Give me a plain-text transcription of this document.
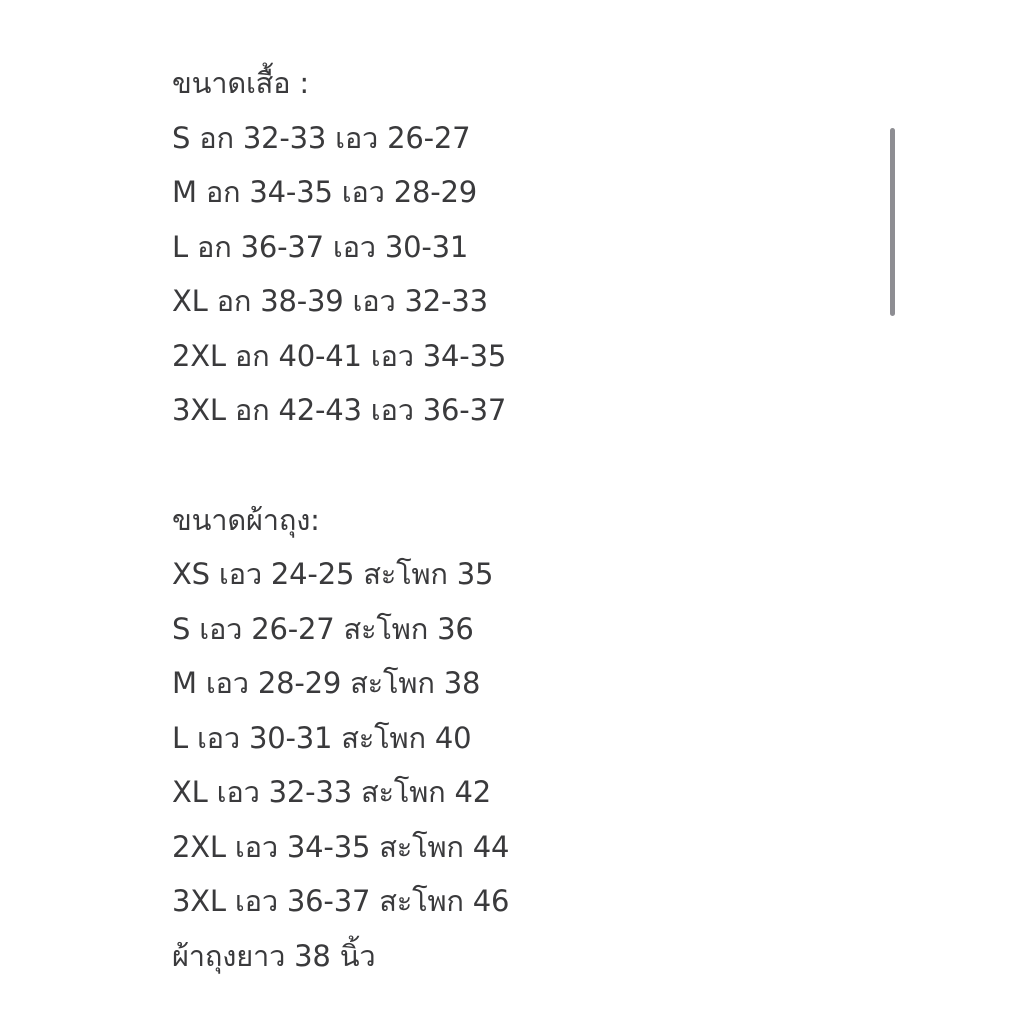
ขนาดเสื้อ :
S อก 32-33 เอว 26-27
M อก 34-35 เอว 28-29
L อก 36-37 เอว 30-31
XL อก 38-39 เอว 32-33
2XL อก 40-41 เอว 34-35
3XL อก 42-43 เอว 36-37
ขนาดผ้าถุง:
XS เอว 24-25 สะโพก 35
S เอว 26-27 สะโพก 36
M เอว 28-29 สะโพก 38
L เอว 30-31 สะโพก 40
XL เอว 32-33 สะโพก 42
2XL เอว 34-35 สะโพก 44
3XL เอว 36-37 สะโพก 46
ผ้าถุงยาว 38 นิ้ว
